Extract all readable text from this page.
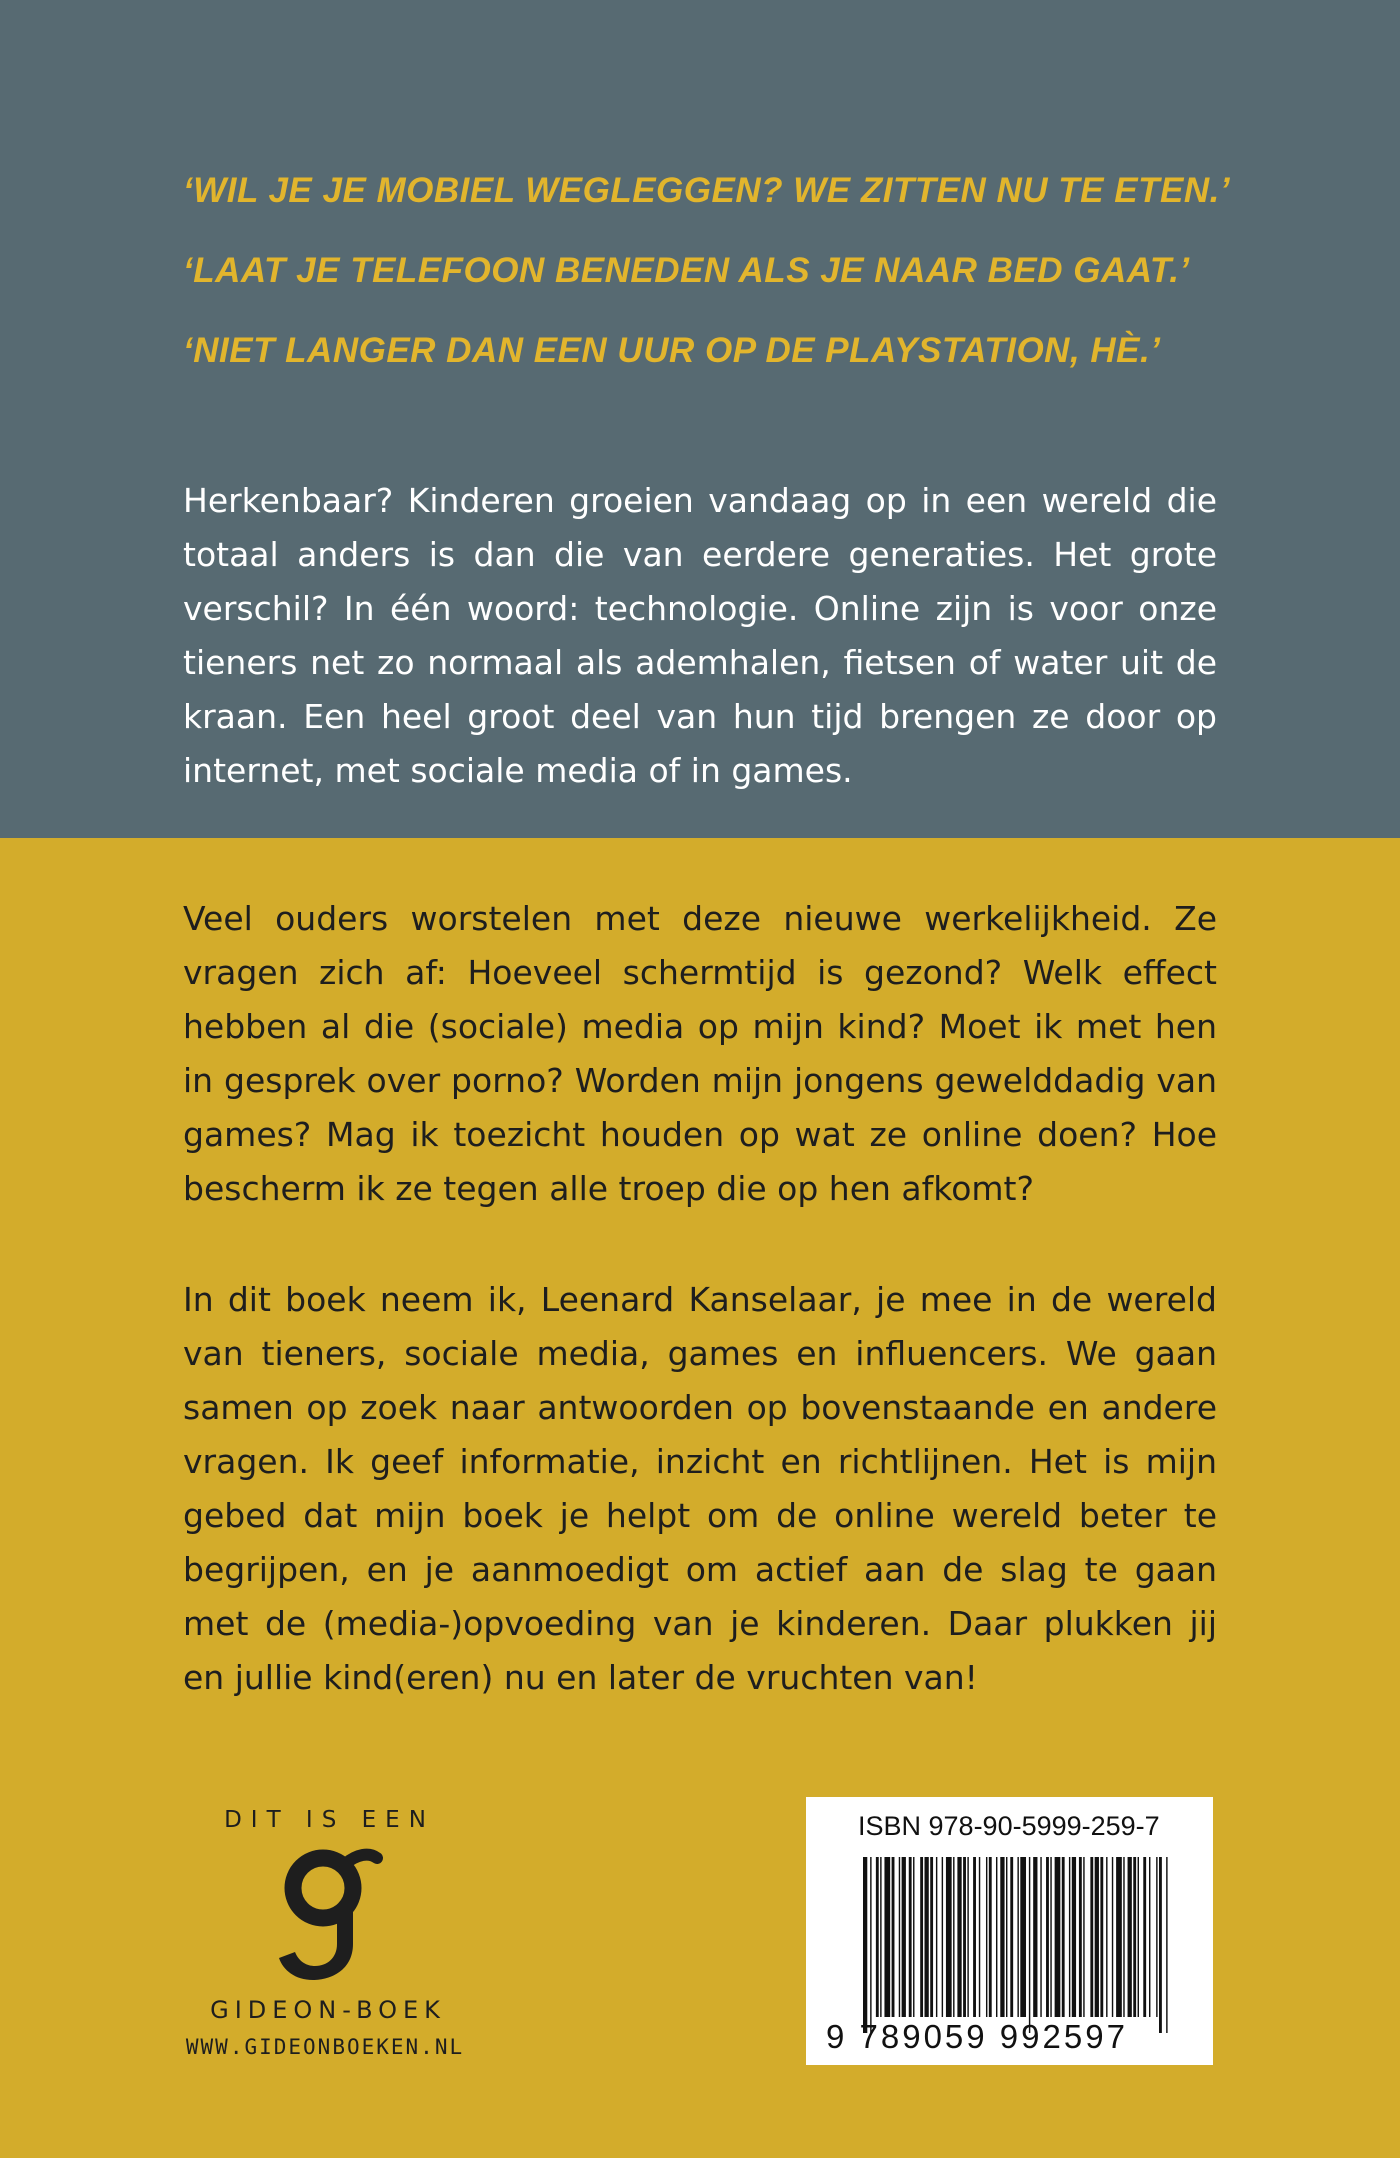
‘WIL JE JE MOBIEL WEGLEGGEN? WE ZITTEN NU TE ETEN.’
‘LAAT JE TELEFOON BENEDEN ALS JE NAAR BED GAAT.’
‘NIET LANGER DAN EEN UUR OP DE PLAYSTATION, HÈ.’

Herkenbaar? Kinderen groeien vandaag op in een wereld die totaal anders is dan die van eerdere generaties. Het grote verschil? In één woord: technologie. Online zijn is voor onze tieners net zo normaal als ademhalen, fietsen of water uit de kraan. Een heel groot deel van hun tijd brengen ze door op internet, met sociale media of in games.

Veel ouders worstelen met deze nieuwe werkelijkheid. Ze vragen zich af: Hoeveel schermtijd is gezond? Welk effect hebben al die (sociale) media op mijn kind? Moet ik met hen in gesprek over porno? Worden mijn jongens gewelddadig van games? Mag ik toezicht houden op wat ze online doen? Hoe bescherm ik ze tegen alle troep die op hen afkomt?

In dit boek neem ik, Leenard Kanselaar, je mee in de wereld van tieners, sociale media, games en influencers. We gaan samen op zoek naar antwoorden op bovenstaande en andere vragen. Ik geef informatie, inzicht en richtlijnen. Het is mijn gebed dat mijn boek je helpt om de online wereld beter te begrijpen, en je aanmoedigt om actief aan de slag te gaan met de (media-)opvoeding van je kinderen. Daar plukken jij en jullie kind(eren) nu en later de vruchten van!

DIT IS EEN
GIDEON-BOEK
WWW.GIDEONBOEKEN.NL
ISBN 978-90-5999-259-7
9 789059 992597
